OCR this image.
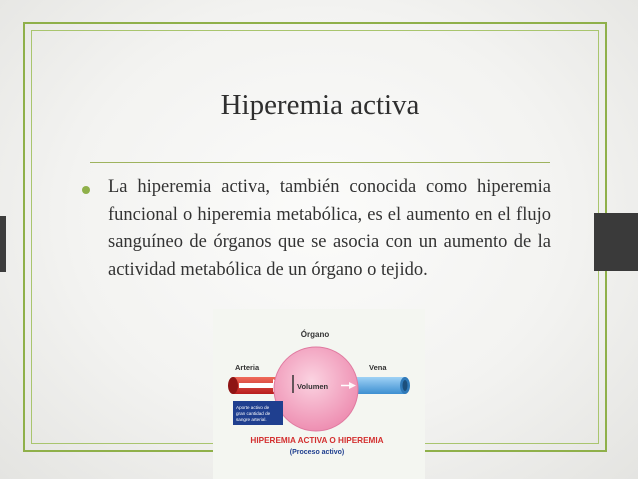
Hiperemia activa

La hiperemia activa, también conocida como hiperemia funcional o hiperemia metabólica, es el aumento en el flujo sanguíneo de órganos que se asocia con un aumento de la actividad metabólica de un órgano o tejido.

Órgano
Arteria	Vena
Volumen
Aporte activo de
gran cantidad de
sangre arterial.
HIPEREMIA ACTIVA O HIPEREMIA
(Proceso activo)
